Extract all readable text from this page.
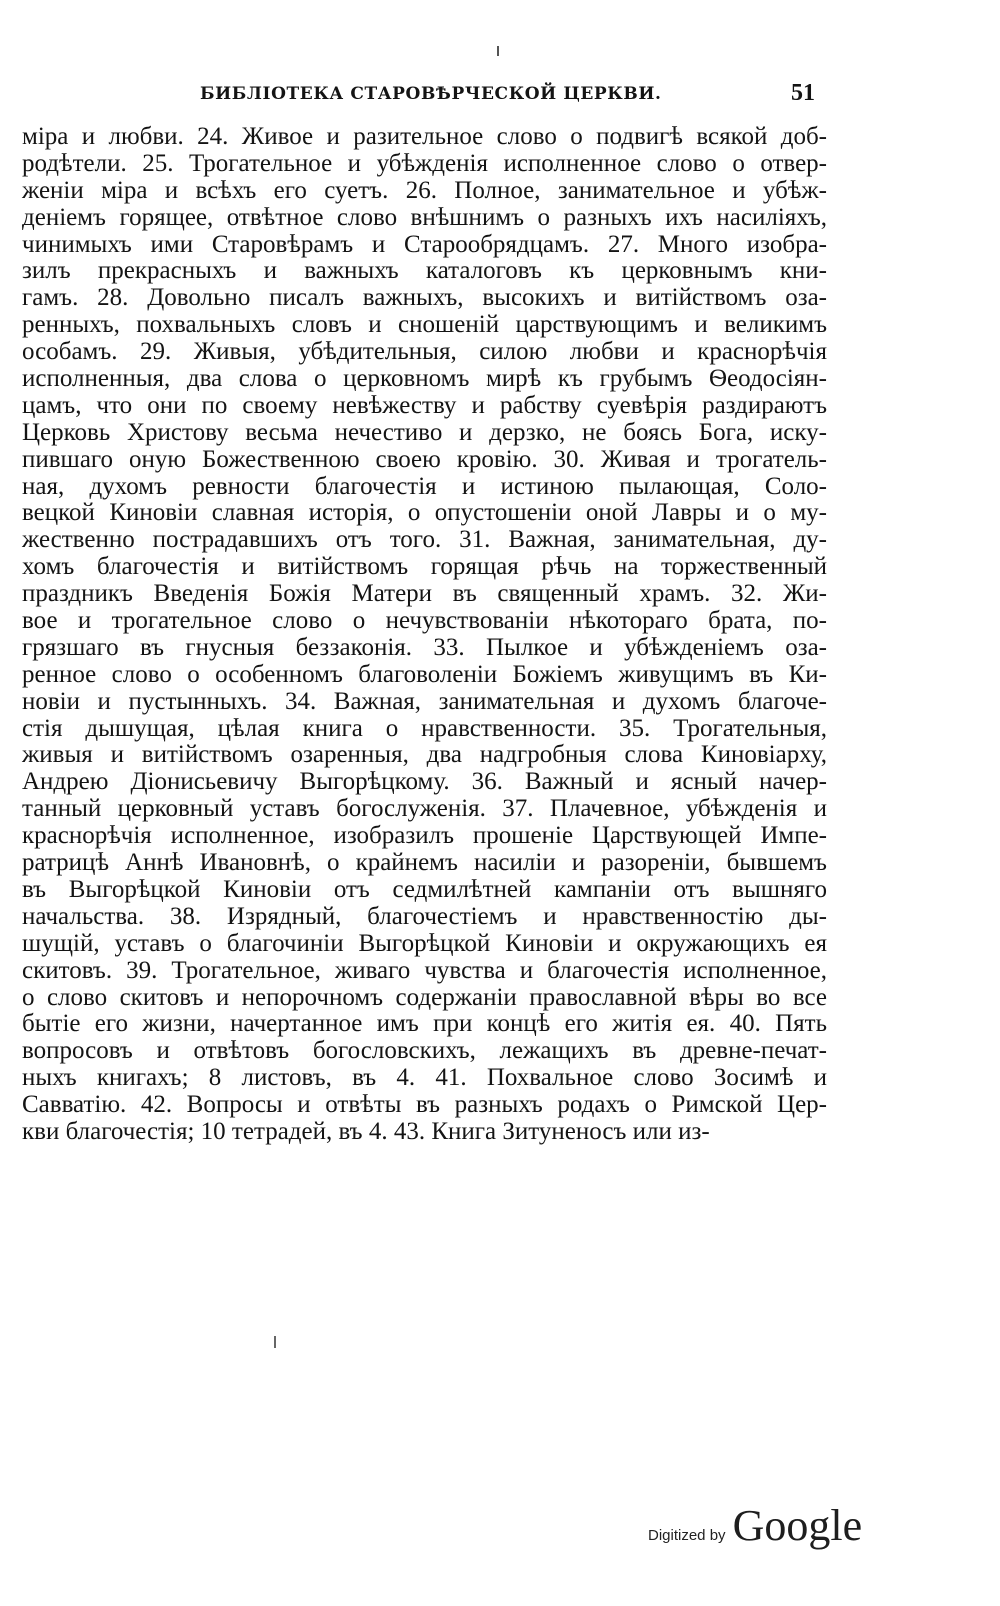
БИБЛІОТЕКА СТАРОВѢРЧЕСКОЙ ЦЕРКВИ.	51
міра и любви. 24. Живое и разительное слово о подвигѣ всякой доб-
родѣтели. 25. Трогательное и убѣжденія исполненное слово о отвер-
женіи міра и всѣхъ его суетъ. 26. Полное, занимательное и убѣж-
деніемъ горящее, отвѣтное слово внѣшнимъ о разныхъ ихъ насиліяхъ,
чинимыхъ ими Старовѣрамъ и Старообрядцамъ. 27. Много изобра-
зилъ прекрасныхъ и важныхъ каталоговъ къ церковнымъ кни-
гамъ. 28. Довольно писалъ важныхъ, высокихъ и витійствомъ оза-
ренныхъ, похвальныхъ словъ и сношеній царствующимъ и великимъ
особамъ. 29. Живыя, убѣдительныя, силою любви и краснорѣчія
исполненныя, два слова о церковномъ мирѣ къ грубымъ Ѳеодосіян-
цамъ, что они по своему невѣжеству и рабству суевѣрія раздираютъ
Церковь Христову весьма нечестиво и дерзко, не боясь Бога, иску-
пившаго оную Божественною своею кровію. 30. Живая и трогатель-
ная, духомъ ревности благочестія и истиною пылающая, Соло-
вецкой Киновіи славная исторія, о опустошеніи оной Лавры и о му-
жественно пострадавшихъ отъ того. 31. Важная, занимательная, ду-
хомъ благочестія и витійствомъ горящая рѣчь на торжественный
праздникъ Введенія Божія Матери въ священный храмъ. 32. Жи-
вое и трогательное слово о нечувствованіи нѣкотораго брата, по-
грязшаго въ гнусныя беззаконія. 33. Пылкое и убѣжденіемъ оза-
ренное слово о особенномъ благоволеніи Божіемъ живущимъ въ Ки-
новіи и пустынныхъ. 34. Важная, занимательная и духомъ благоче-
стія дышущая, цѣлая книга о нравственности. 35. Трогательныя,
живыя и витійствомъ озаренныя, два надгробныя слова Киновіарху,
Андрею Діонисьевичу Выгорѣцкому. 36. Важный и ясный начер-
танный церковный уставъ богослуженія. 37. Плачевное, убѣжденія и
краснорѣчія исполненное, изобразилъ прошеніе Царствующей Импе-
ратрицѣ Аннѣ Ивановнѣ, о крайнемъ насиліи и разореніи, бывшемъ
въ Выгорѣцкой Киновіи отъ седмилѣтней кампаніи отъ вышняго
начальства. 38. Изрядный, благочестіемъ и нравственностію ды-
шущій, уставъ о благочиніи Выгорѣцкой Киновіи и окружающихъ ея
скитовъ. 39. Трогательное, живаго чувства и благочестія исполненное,
о слово скитовъ и непорочномъ содержаніи православной вѣры во все
бытіе его жизни, начертанное имъ при концѣ его житія ея. 40. Пять
вопросовъ и отвѣтовъ богословскихъ, лежащихъ въ древне-печат-
ныхъ книгахъ; 8 листовъ, въ 4. 41. Похвальное слово Зосимѣ и
Савватію. 42. Вопросы и отвѣты въ разныхъ родахъ о Римской Цер-
кви благочестія; 10 тетрадей, въ 4. 43. Книга Зитуненосъ или из-
Digitized by Google
